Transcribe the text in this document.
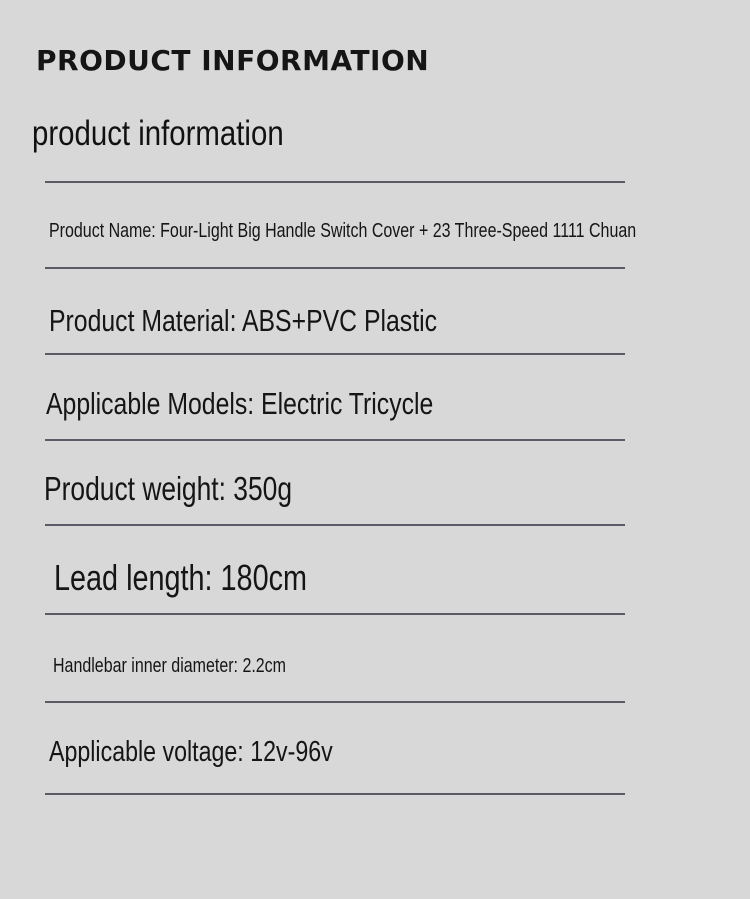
PRODUCT INFORMATION
product information
Product Name: Four-Light Big Handle Switch Cover + 23 Three-Speed 1111 Chuan
Product Material: ABS+PVC Plastic
Applicable Models: Electric Tricycle
Product weight: 350g
Lead length: 180cm
Handlebar inner diameter: 2.2cm
Applicable voltage: 12v-96v
